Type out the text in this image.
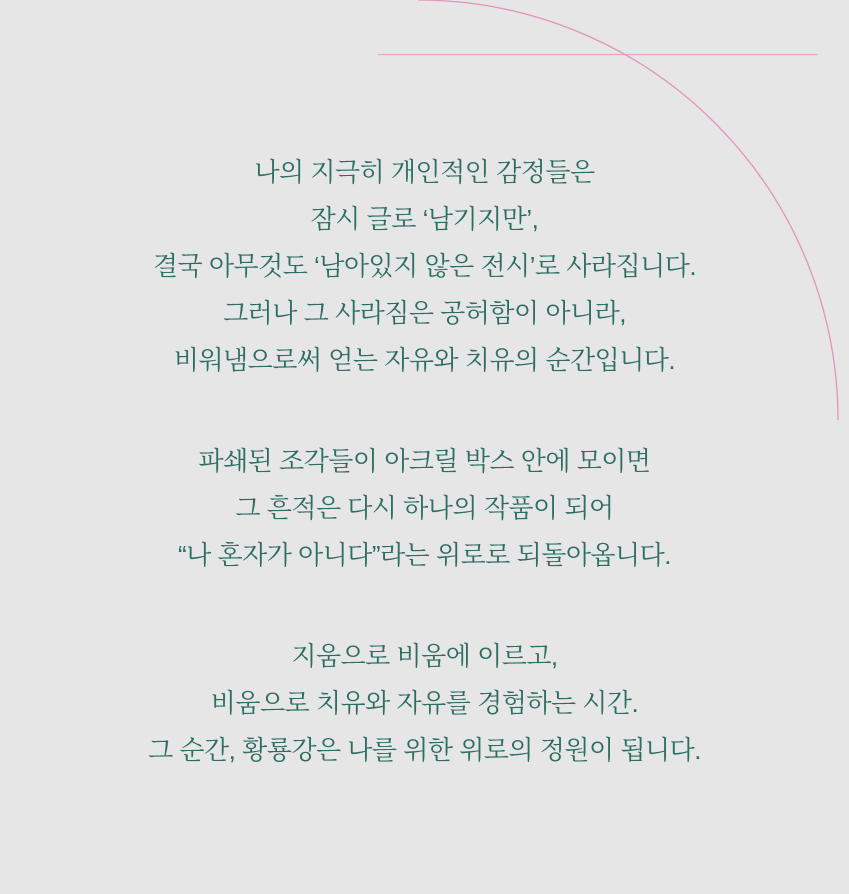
나의 지극히 개인적인 감정들은
잠시 글로 ‘남기지만’,
결국 아무것도 ‘남아있지 않은 전시’로 사라집니다.
그러나 그 사라짐은 공허함이 아니라,
비워냄으로써 얻는 자유와 치유의 순간입니다.
파쇄된 조각들이 아크릴 박스 안에 모이면
그 흔적은 다시 하나의 작품이 되어
“나 혼자가 아니다”라는 위로로 되돌아옵니다.
지움으로 비움에 이르고,
비움으로 치유와 자유를 경험하는 시간.
그 순간, 황룡강은 나를 위한 위로의 정원이 됩니다.
